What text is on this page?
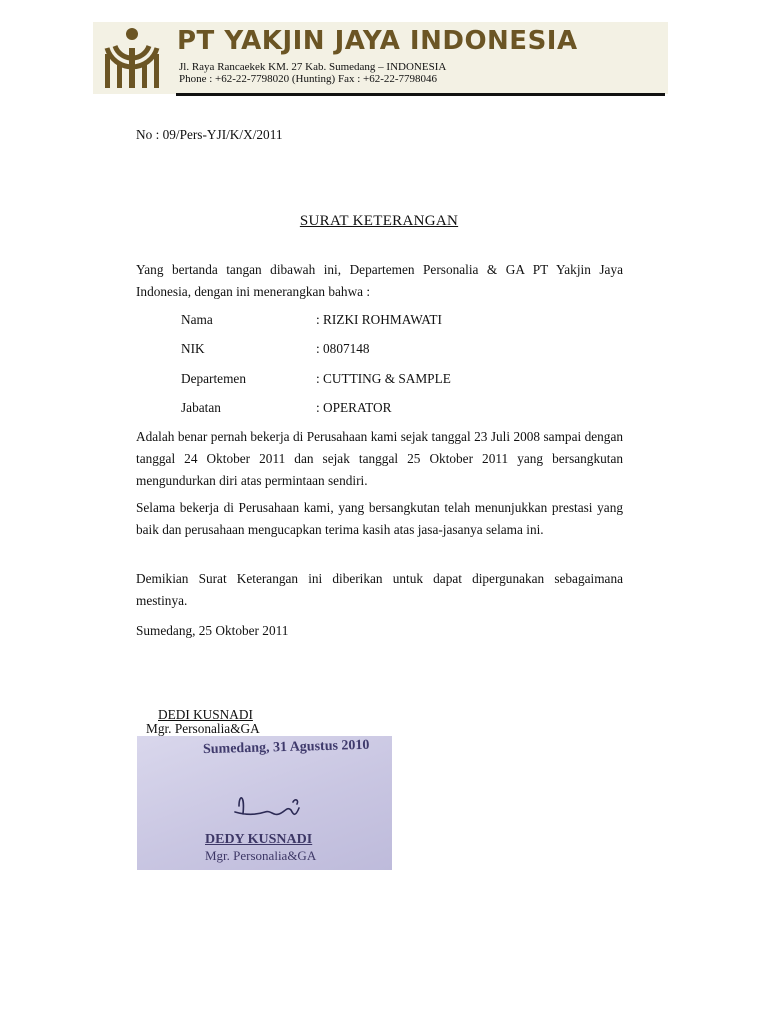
PT YAKJIN JAYA INDONESIA
Jl. Raya Rancaekek KM. 27 Kab. Sumedang – INDONESIA
Phone : +62-22-7798020 (Hunting) Fax : +62-22-7798046
No : 09/Pers-YJI/K/X/2011
SURAT KETERANGAN
Yang bertanda tangan dibawah ini, Departemen Personalia & GA PT Yakjin Jaya Indonesia, dengan ini menerangkan bahwa :
Nama	: RIZKI ROHMAWATI
NIK	: 0807148
Departemen	: CUTTING & SAMPLE
Jabatan	: OPERATOR
Adalah benar pernah bekerja di Perusahaan kami sejak tanggal 23 Juli 2008 sampai dengan tanggal 24 Oktober 2011 dan sejak tanggal 25 Oktober 2011 yang bersangkutan mengundurkan diri atas permintaan sendiri.
Selama bekerja di Perusahaan kami, yang bersangkutan telah menunjukkan prestasi yang baik dan perusahaan mengucapkan terima kasih atas jasa-jasanya selama ini.
Demikian Surat Keterangan ini diberikan untuk dapat dipergunakan sebagaimana mestinya.
Sumedang, 25 Oktober 2011
DEDI KUSNADI
Mgr. Personalia&GA
Sumedang, 31 Agustus 2010
DEDY KUSNADI
Mgr. Personalia&GA
